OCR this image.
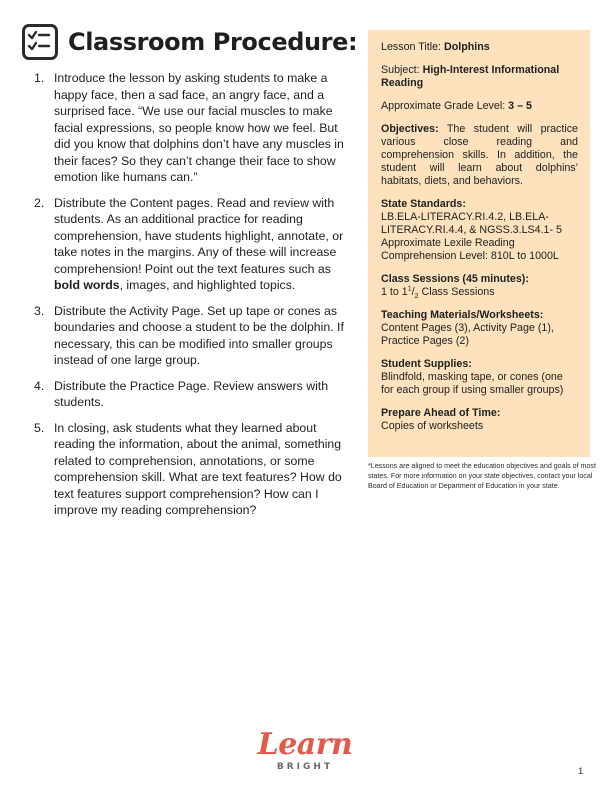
Classroom Procedure:
1. Introduce the lesson by asking students to make a happy face, then a sad face, an angry face, and a surprised face. “We use our facial muscles to make facial expressions, so people know how we feel. But did you know that dolphins don’t have any muscles in their faces? So they can’t change their face to show emotion like humans can.”
2. Distribute the Content pages. Read and review with students. As an additional practice for reading comprehension, have students highlight, annotate, or take notes in the margins. Any of these will increase comprehension! Point out the text features such as bold words, images, and highlighted topics.
3. Distribute the Activity Page. Set up tape or cones as boundaries and choose a student to be the dolphin. If necessary, this can be modified into smaller groups instead of one large group.
4. Distribute the Practice Page. Review answers with students.
5. In closing, ask students what they learned about reading the information, about the animal, something related to comprehension, annotations, or some comprehension skill. What are text features? How do text features support comprehension? How can I improve my reading comprehension?
Lesson Title: Dolphins
Subject: High-Interest Informational Reading
Approximate Grade Level: 3 – 5
Objectives: The student will practice various close reading and comprehension skills. In addition, the student will learn about dolphins’ habitats, diets, and behaviors.
State Standards:
LB.ELA-LITERACY.RI.4.2, LB.ELA-LITERACY.RI.4.4, & NGSS.3.LS4.1- 5
Approximate Lexile Reading Comprehension Level: 810L to 1000L
Class Sessions (45 minutes):
1 to $1^1/_2$ Class Sessions
Teaching Materials/Worksheets:
Content Pages (3), Activity Page (1), Practice Pages (2)
Student Supplies:
Blindfold, masking tape, or cones (one for each group if using smaller groups)
Prepare Ahead of Time:
Copies of worksheets
*Lessons are aligned to meet the education objectives and goals of most states. For more information on your state objectives, contact your local Board of Education or Department of Education in your state.
Learn
BRIGHT	1
